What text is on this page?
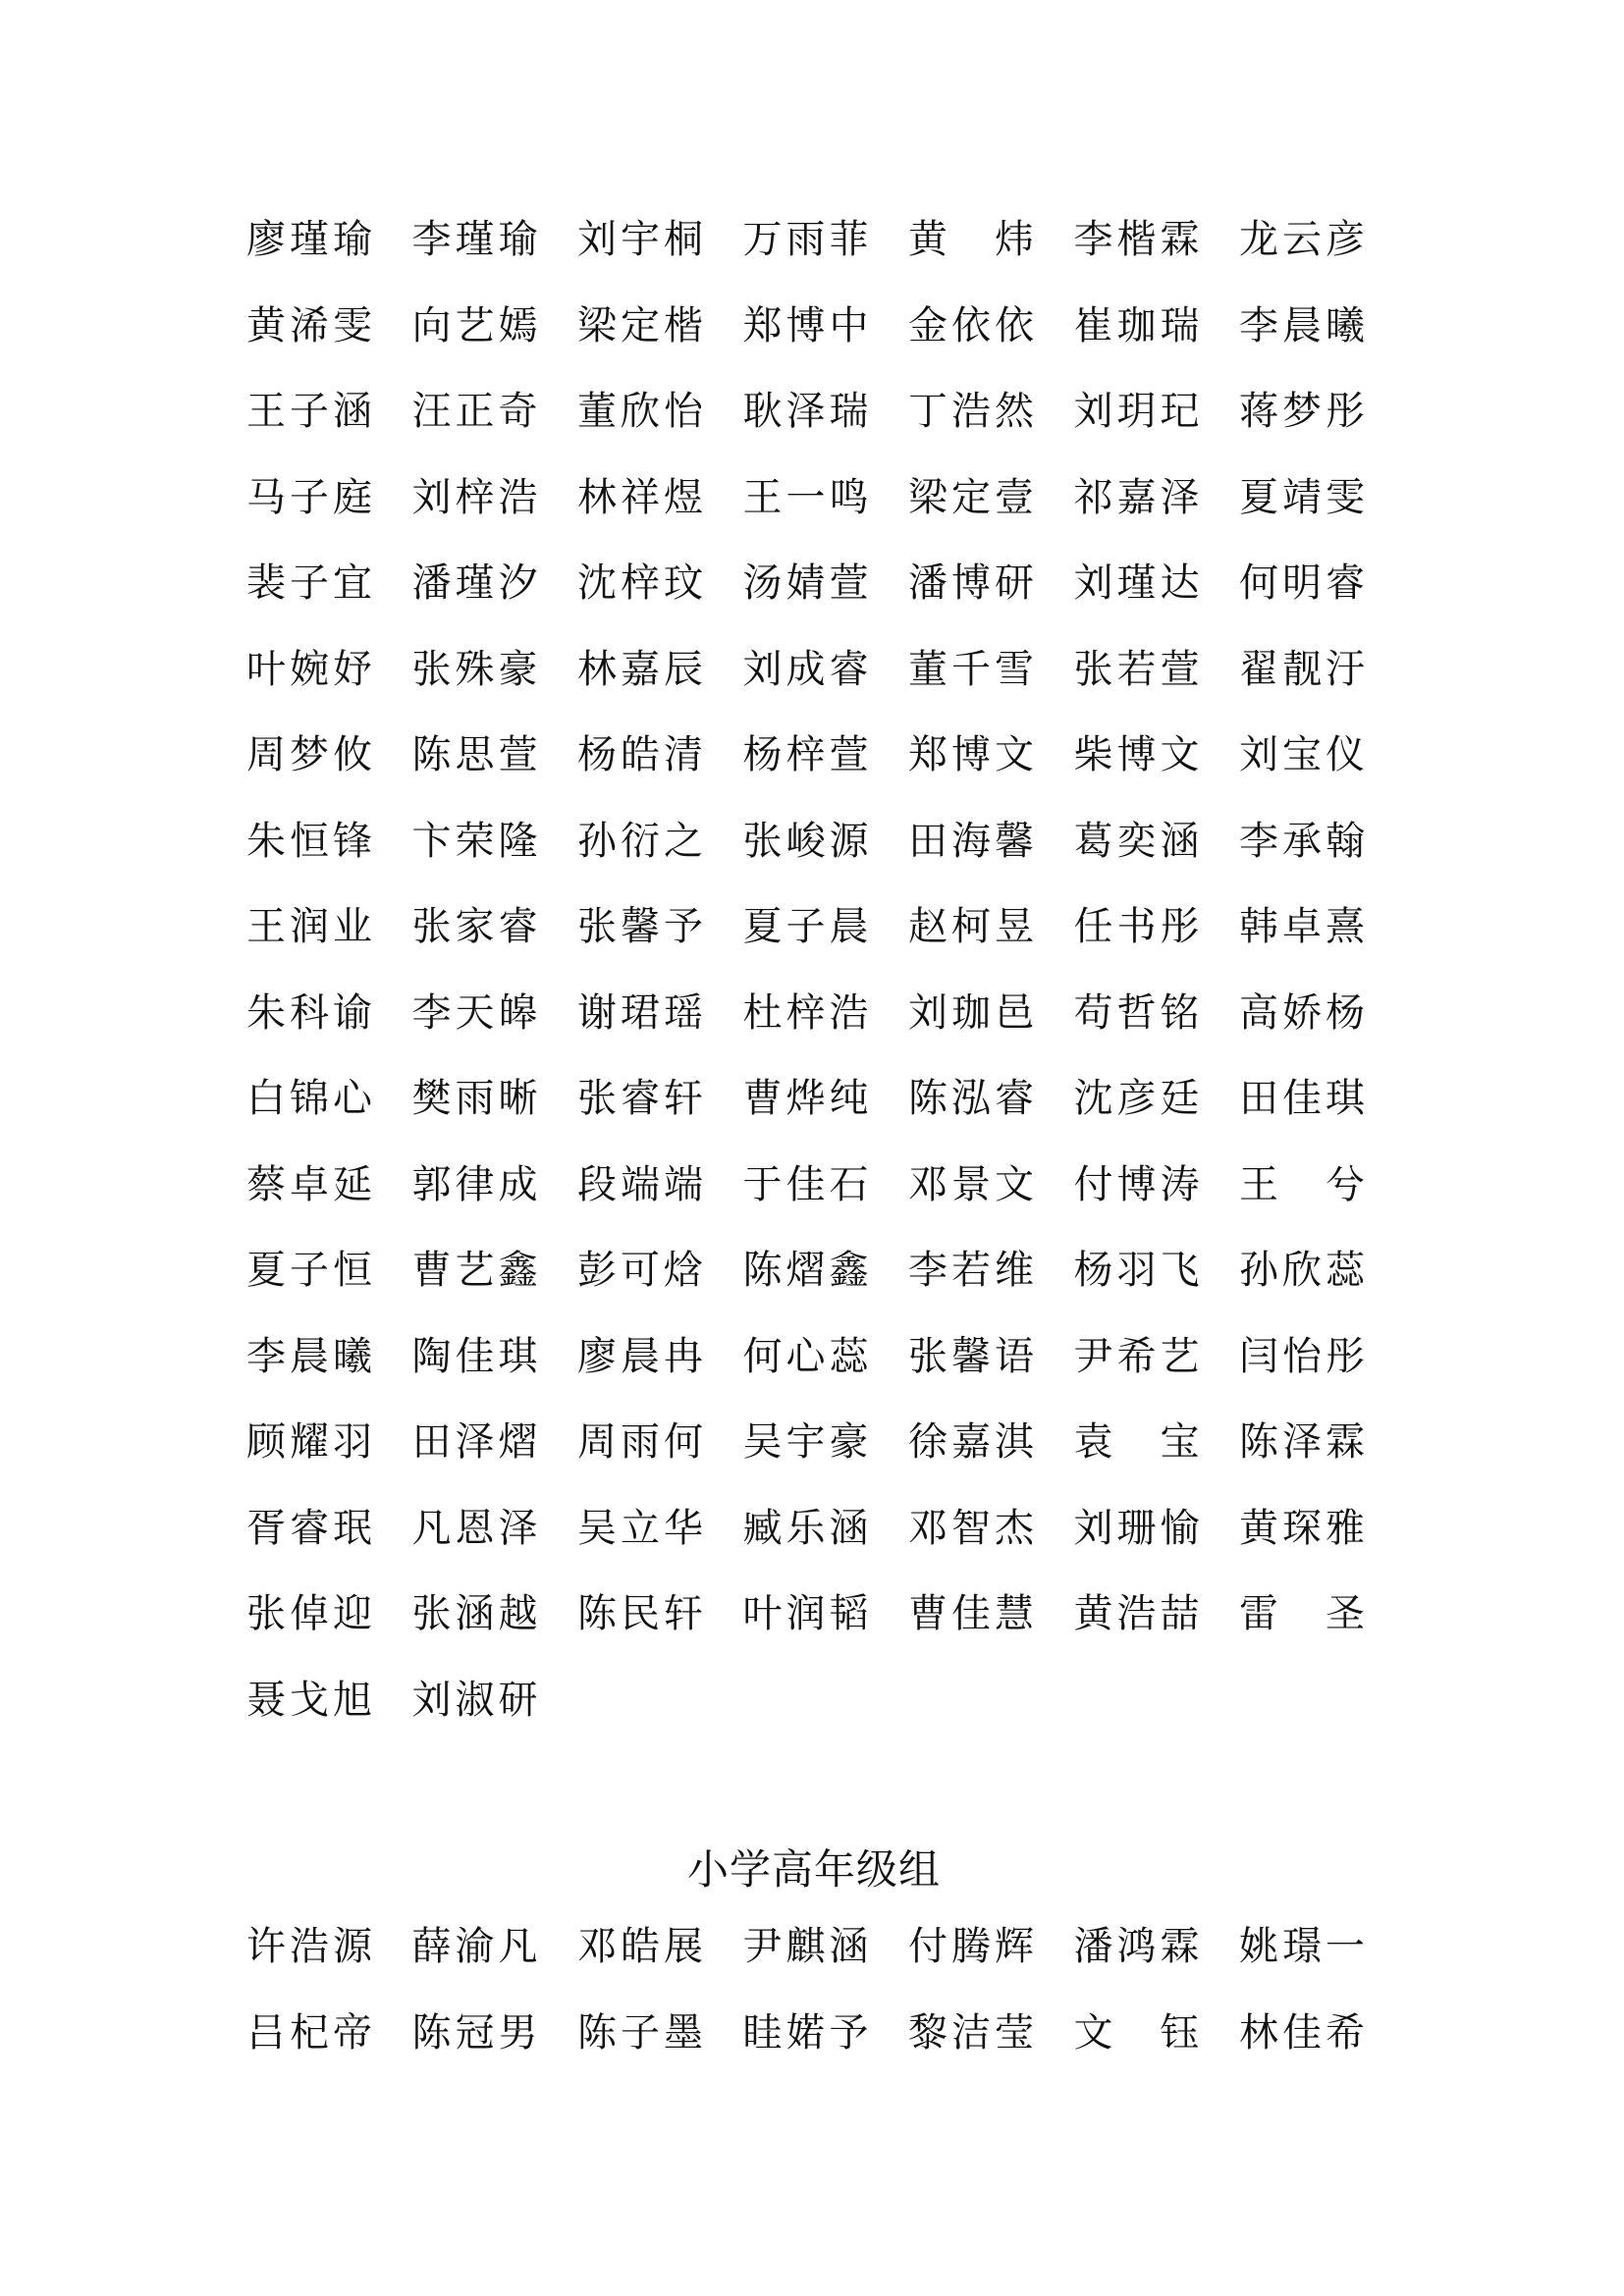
廖瑾瑜 李瑾瑜 刘宇桐 万雨菲 黄　炜 李楷霖 龙云彦
黄浠雯 向艺嫣 梁定楷 郑博中 金依依 崔珈瑞 李晨曦
王子涵 汪正奇 董欣怡 耿泽瑞 丁浩然 刘玥玘 蒋梦彤
马子庭 刘梓浩 林祥煜 王一鸣 梁定壹 祁嘉泽 夏靖雯
裴子宜 潘瑾汐 沈梓玟 汤婧萱 潘博研 刘瑾达 何明睿
叶婉妤 张殊豪 林嘉辰 刘成睿 董千雪 张若萱 翟靓汙
周梦攸 陈思萱 杨皓清 杨梓萱 郑博文 柴博文 刘宝仪
朱恒锋 卞荣隆 孙衍之 张峻源 田海馨 葛奕涵 李承翰
王润业 张家睿 张馨予 夏子晨 赵柯昱 任书彤 韩卓熹
朱科谕 李天皞 谢珺瑶 杜梓浩 刘珈邑 苟哲铭 高娇杨
白锦心 樊雨晰 张睿轩 曹烨纯 陈泓睿 沈彦廷 田佳琪
蔡卓延 郭律成 段端端 于佳石 邓景文 付博涛 王　兮
夏子恒 曹艺鑫 彭可焓 陈熠鑫 李若维 杨羽飞 孙欣蕊
李晨曦 陶佳琪 廖晨冉 何心蕊 张馨语 尹希艺 闫怡彤
顾耀羽 田泽熠 周雨何 吴宇豪 徐嘉淇 袁　宝 陈泽霖
胥睿珉 凡恩泽 吴立华 臧乐涵 邓智杰 刘珊愉 黄琛雅
张倬迎 张涵越 陈民轩 叶润韬 曹佳慧 黄浩喆 雷　圣
聂戈旭 刘淑研
小学高年级组
许浩源 薛渝凡 邓皓展 尹麒涵 付腾辉 潘鸿霖 姚璟一
吕杞帝 陈冠男 陈子墨 眭婼予 黎洁莹 文　钰 林佳希
